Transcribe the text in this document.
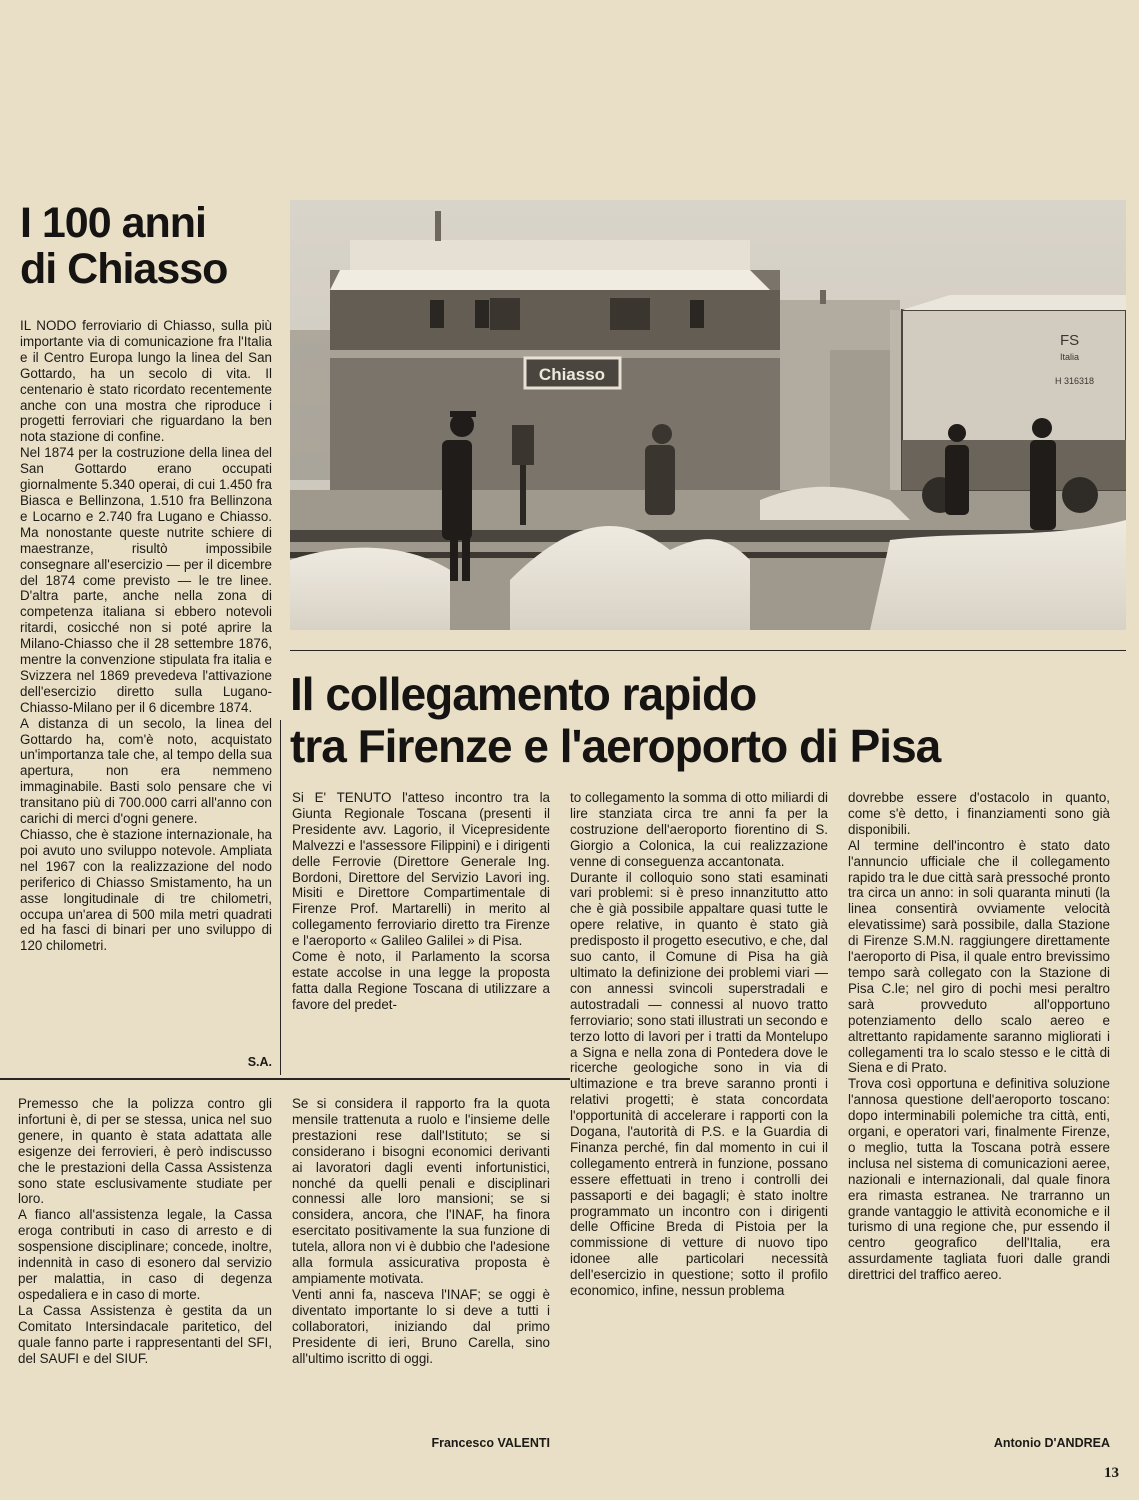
I 100 anni
di Chiasso

IL NODO ferroviario di Chiasso, sulla più importante via di comunicazione fra l'Italia e il Centro Europa lungo la linea del San Gottardo, ha un secolo di vita. Il centenario è stato ricordato recentemente anche con una mostra che riproduce i progetti ferroviari che riguardano la ben nota stazione di confine.

Nel 1874 per la costruzione della linea del San Gottardo erano occupati giornalmente 5.340 operai, di cui 1.450 fra Biasca e Bellinzona, 1.510 fra Bellinzona e Locarno e 2.740 fra Lugano e Chiasso. Ma nonostante queste nutrite schiere di maestranze, risultò impossibile consegnare all'esercizio — per il dicembre del 1874 come previsto — le tre linee. D'altra parte, anche nella zona di competenza italiana si ebbero notevoli ritardi, cosicché non si poté aprire la Milano-Chiasso che il 28 settembre 1876, mentre la convenzione stipulata fra italia e Svizzera nel 1869 prevedeva l'attivazione dell'esercizio diretto sulla Lugano-Chiasso-Milano per il 6 dicembre 1874.

A distanza di un secolo, la linea del Gottardo ha, com'è noto, acquistato un'importanza tale che, al tempo della sua apertura, non era nemmeno immaginabile. Basti solo pensare che vi transitano più di 700.000 carri all'anno con carichi di merci d'ogni genere.

Chiasso, che è stazione internazionale, ha poi avuto uno sviluppo notevole. Ampliata nel 1967 con la realizzazione del nodo periferico di Chiasso Smistamento, ha un asse longitudinale di tre chilometri, occupa un'area di 500 mila metri quadrati ed ha fasci di binari per uno sviluppo di 120 chilometri.

S.A.
Chiasso
FS
Italia
H 316318
Il collegamento rapido
tra Firenze e l'aeroporto di Pisa

Si E' TENUTO l'atteso incontro tra la Giunta Regionale Toscana (presenti il Presidente avv. Lagorio, il Vicepresidente Malvezzi e l'assessore Filippini) e i dirigenti delle Ferrovie (Direttore Generale Ing. Bordoni, Direttore del Servizio Lavori ing. Misiti e Direttore Compartimentale di Firenze Prof. Martarelli) in merito al collegamento ferroviario diretto tra Firenze e l'aeroporto « Galileo Galilei » di Pisa.

Come è noto, il Parlamento la scorsa estate accolse in una legge la proposta fatta dalla Regione Toscana di utilizzare a favore del predet-

to collegamento la somma di otto miliardi di lire stanziata circa tre anni fa per la costruzione dell'aeroporto fiorentino di S. Giorgio a Colonica, la cui realizzazione venne di conseguenza accantonata.

Durante il colloquio sono stati esaminati vari problemi: si è preso innanzitutto atto che è già possibile appaltare quasi tutte le opere relative, in quanto è stato già predisposto il progetto esecutivo, e che, dal suo canto, il Comune di Pisa ha già ultimato la definizione dei problemi viari — con annessi svincoli superstradali e autostradali — connessi al nuovo tratto ferroviario; sono stati illustrati un secondo e terzo lotto di lavori per i tratti da Montelupo a Signa e nella zona di Pontedera dove le ricerche geologiche sono in via di ultimazione e tra breve saranno pronti i relativi progetti; è stata concordata l'opportunità di accelerare i rapporti con la Dogana, l'autorità di P.S. e la Guardia di Finanza perché, fin dal momento in cui il collegamento entrerà in funzione, possano essere effettuati in treno i controlli dei passaporti e dei bagagli; è stato inoltre programmato un incontro con i dirigenti delle Officine Breda di Pistoia per la commissione di vetture di nuovo tipo idonee alle particolari necessità dell'esercizio in questione; sotto il profilo economico, infine, nessun problema

dovrebbe essere d'ostacolo in quanto, come s'è detto, i finanziamenti sono già disponibili.

Al termine dell'incontro è stato dato l'annuncio ufficiale che il collegamento rapido tra le due città sarà pressoché pronto tra circa un anno: in soli quaranta minuti (la linea consentirà ovviamente velocità elevatissime) sarà possibile, dalla Stazione di Firenze S.M.N. raggiungere direttamente l'aeroporto di Pisa, il quale entro brevissimo tempo sarà collegato con la Stazione di Pisa C.le; nel giro di pochi mesi peraltro sarà provveduto all'opportuno potenziamento dello scalo aereo e altrettanto rapidamente saranno migliorati i collegamenti tra lo scalo stesso e le città di Siena e di Prato.

Trova così opportuna e definitiva soluzione l'annosa questione dell'aeroporto toscano: dopo interminabili polemiche tra città, enti, organi, e operatori vari, finalmente Firenze, o meglio, tutta la Toscana potrà essere inclusa nel sistema di comunicazioni aeree, nazionali e internazionali, dal quale finora era rimasta estranea. Ne trarranno un grande vantaggio le attività economiche e il turismo di una regione che, pur essendo il centro geografico dell'Italia, era assurdamente tagliata fuori dalle grandi direttrici del traffico aereo.

Antonio D'ANDREA

Premesso che la polizza contro gli infortuni è, di per se stessa, unica nel suo genere, in quanto è stata adattata alle esigenze dei ferrovieri, è però indiscusso che le prestazioni della Cassa Assistenza sono state esclusivamente studiate per loro.

A fianco all'assistenza legale, la Cassa eroga contributi in caso di arresto e di sospensione disciplinare; concede, inoltre, indennità in caso di esonero dal servizio per malattia, in caso di degenza ospedaliera e in caso di morte.

La Cassa Assistenza è gestita da un Comitato Intersindacale paritetico, del quale fanno parte i rappresentanti del SFI, del SAUFI e del SIUF.

Se si considera il rapporto fra la quota mensile trattenuta a ruolo e l'insieme delle prestazioni rese dall'Istituto; se si considerano i bisogni economici derivanti ai lavoratori dagli eventi infortunistici, nonché da quelli penali e disciplinari connessi alle loro mansioni; se si considera, ancora, che l'INAF, ha finora esercitato positivamente la sua funzione di tutela, allora non vi è dubbio che l'adesione alla formula assicurativa proposta è ampiamente motivata.

Venti anni fa, nasceva l'INAF; se oggi è diventato importante lo si deve a tutti i collaboratori, iniziando dal primo Presidente di ieri, Bruno Carella, sino all'ultimo iscritto di oggi.

Francesco VALENTI
13
